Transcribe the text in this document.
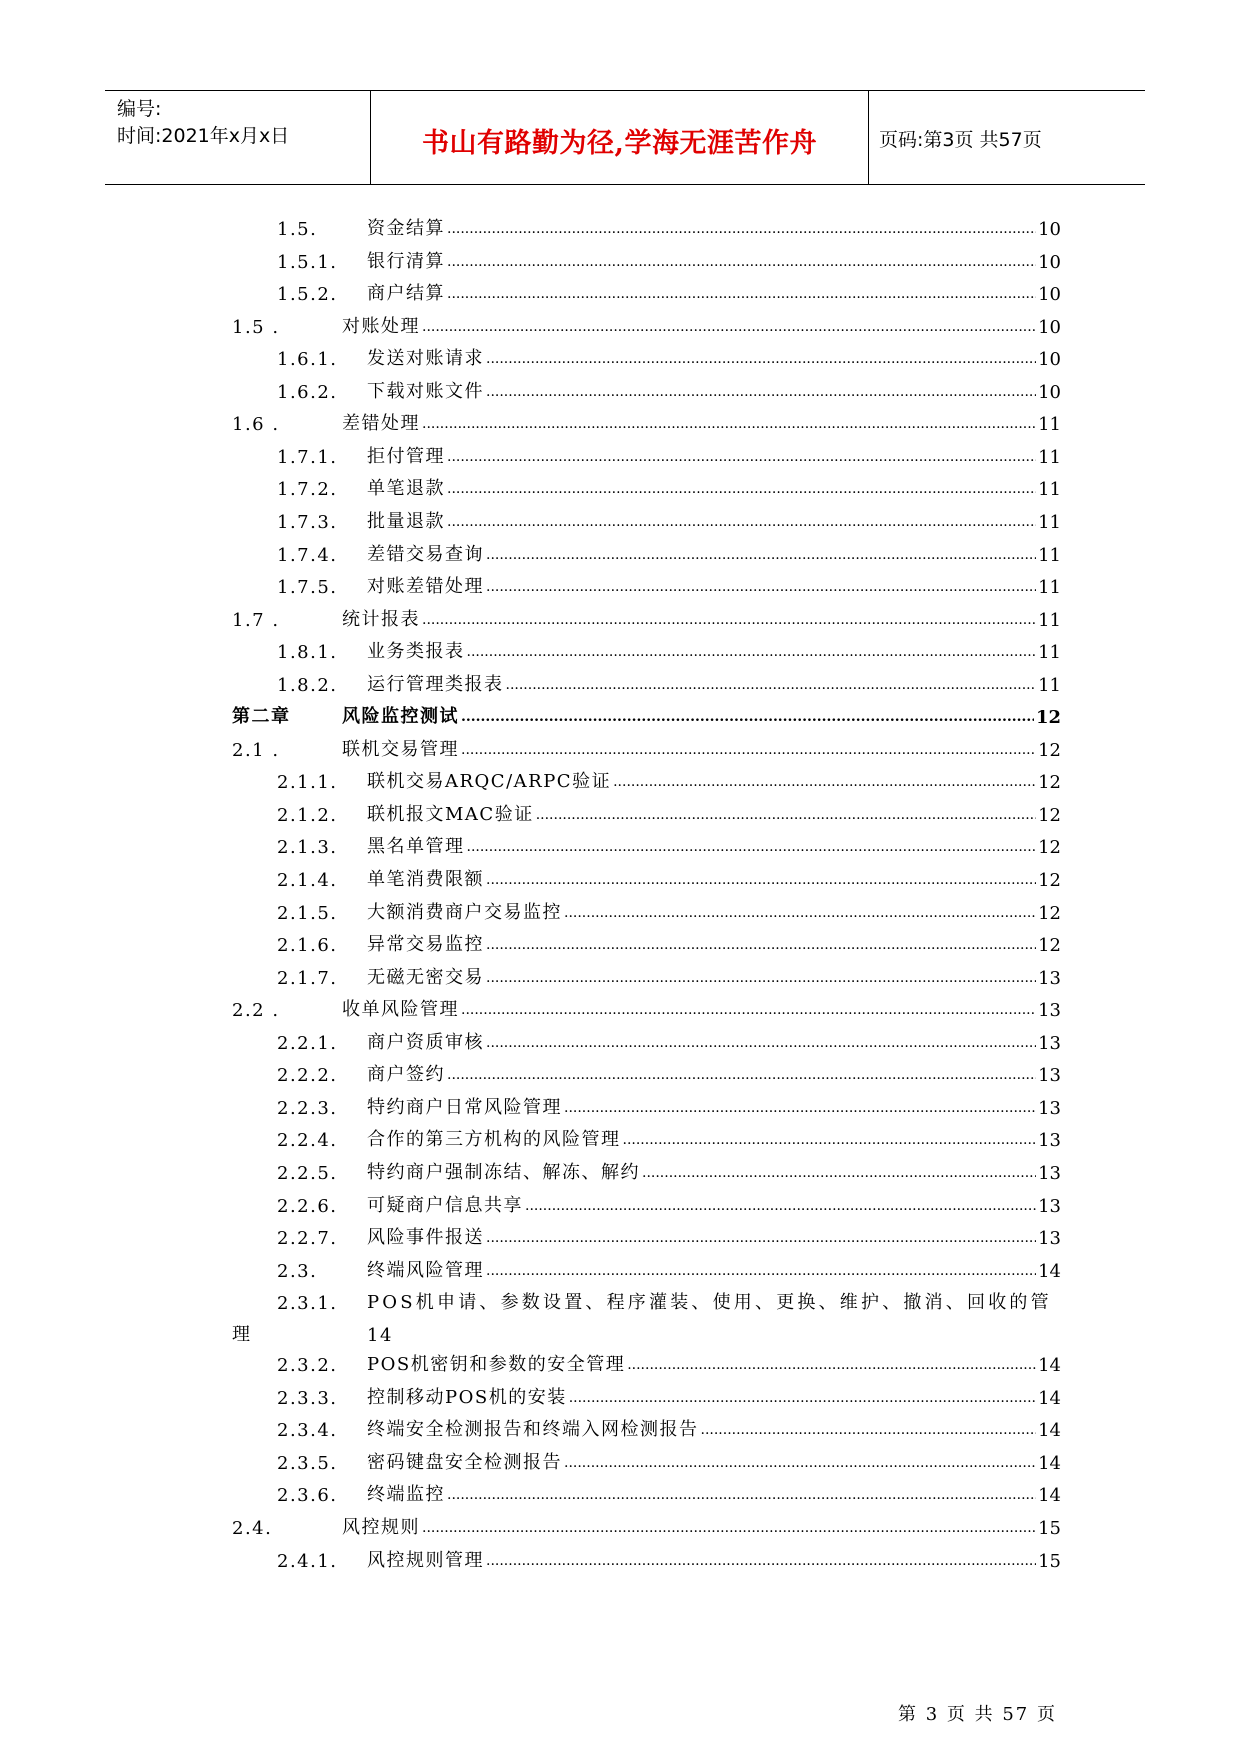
编号:
时间:2021年x月x日	书山有路勤为径,学海无涯苦作舟	页码:第3页 共57页
1.5.	资金结算 .....	10
1.5.1.	银行清算 .....	10
1.5.2.	商户结算 .....	10
1.5 .	对账处理 .....	10
1.6.1.	发送对账请求 .....	10
1.6.2.	下载对账文件 .....	10
1.6 .	差错处理 .....	11
1.7.1.	拒付管理 .....	11
1.7.2.	单笔退款 .....	11
1.7.3.	批量退款 .....	11
1.7.4.	差错交易查询 .....	11
1.7.5.	对账差错处理 .....	11
1.7 .	统计报表 .....	11
1.8.1.	业务类报表 .....	11
1.8.2.	运行管理类报表 .....	11
第二章	风险监控测试 .....	12
2.1 .	联机交易管理 .....	12
2.1.1.	联机交易ARQC/ARPC验证 .....	12
2.1.2.	联机报文MAC验证 .....	12
2.1.3.	黑名单管理 .....	12
2.1.4.	单笔消费限额 .....	12
2.1.5.	大额消费商户交易监控 .....	12
2.1.6.	异常交易监控 .....	12
2.1.7.	无磁无密交易 .....	13
2.2 .	收单风险管理 .....	13
2.2.1.	商户资质审核 .....	13
2.2.2.	商户签约 .....	13
2.2.3.	特约商户日常风险管理 .....	13
2.2.4.	合作的第三方机构的风险管理 .....	13
2.2.5.	特约商户强制冻结、解冻、解约 .....	13
2.2.6.	可疑商户信息共享 .....	13
2.2.7.	风险事件报送 .....	13
2.3.	终端风险管理 .....	14
2.3.1.	POS机申请、参数设置、程序灌装、使用、更换、维护、撤消、回收的管
理	14
2.3.2.	POS机密钥和参数的安全管理 .....	14
2.3.3.	控制移动POS机的安装 .....	14
2.3.4.	终端安全检测报告和终端入网检测报告 .....	14
2.3.5.	密码键盘安全检测报告 .....	14
2.3.6.	终端监控 .....	14
2.4.	风控规则 .....	15
2.4.1.	风控规则管理 .....	15
第 3 页 共 57 页
